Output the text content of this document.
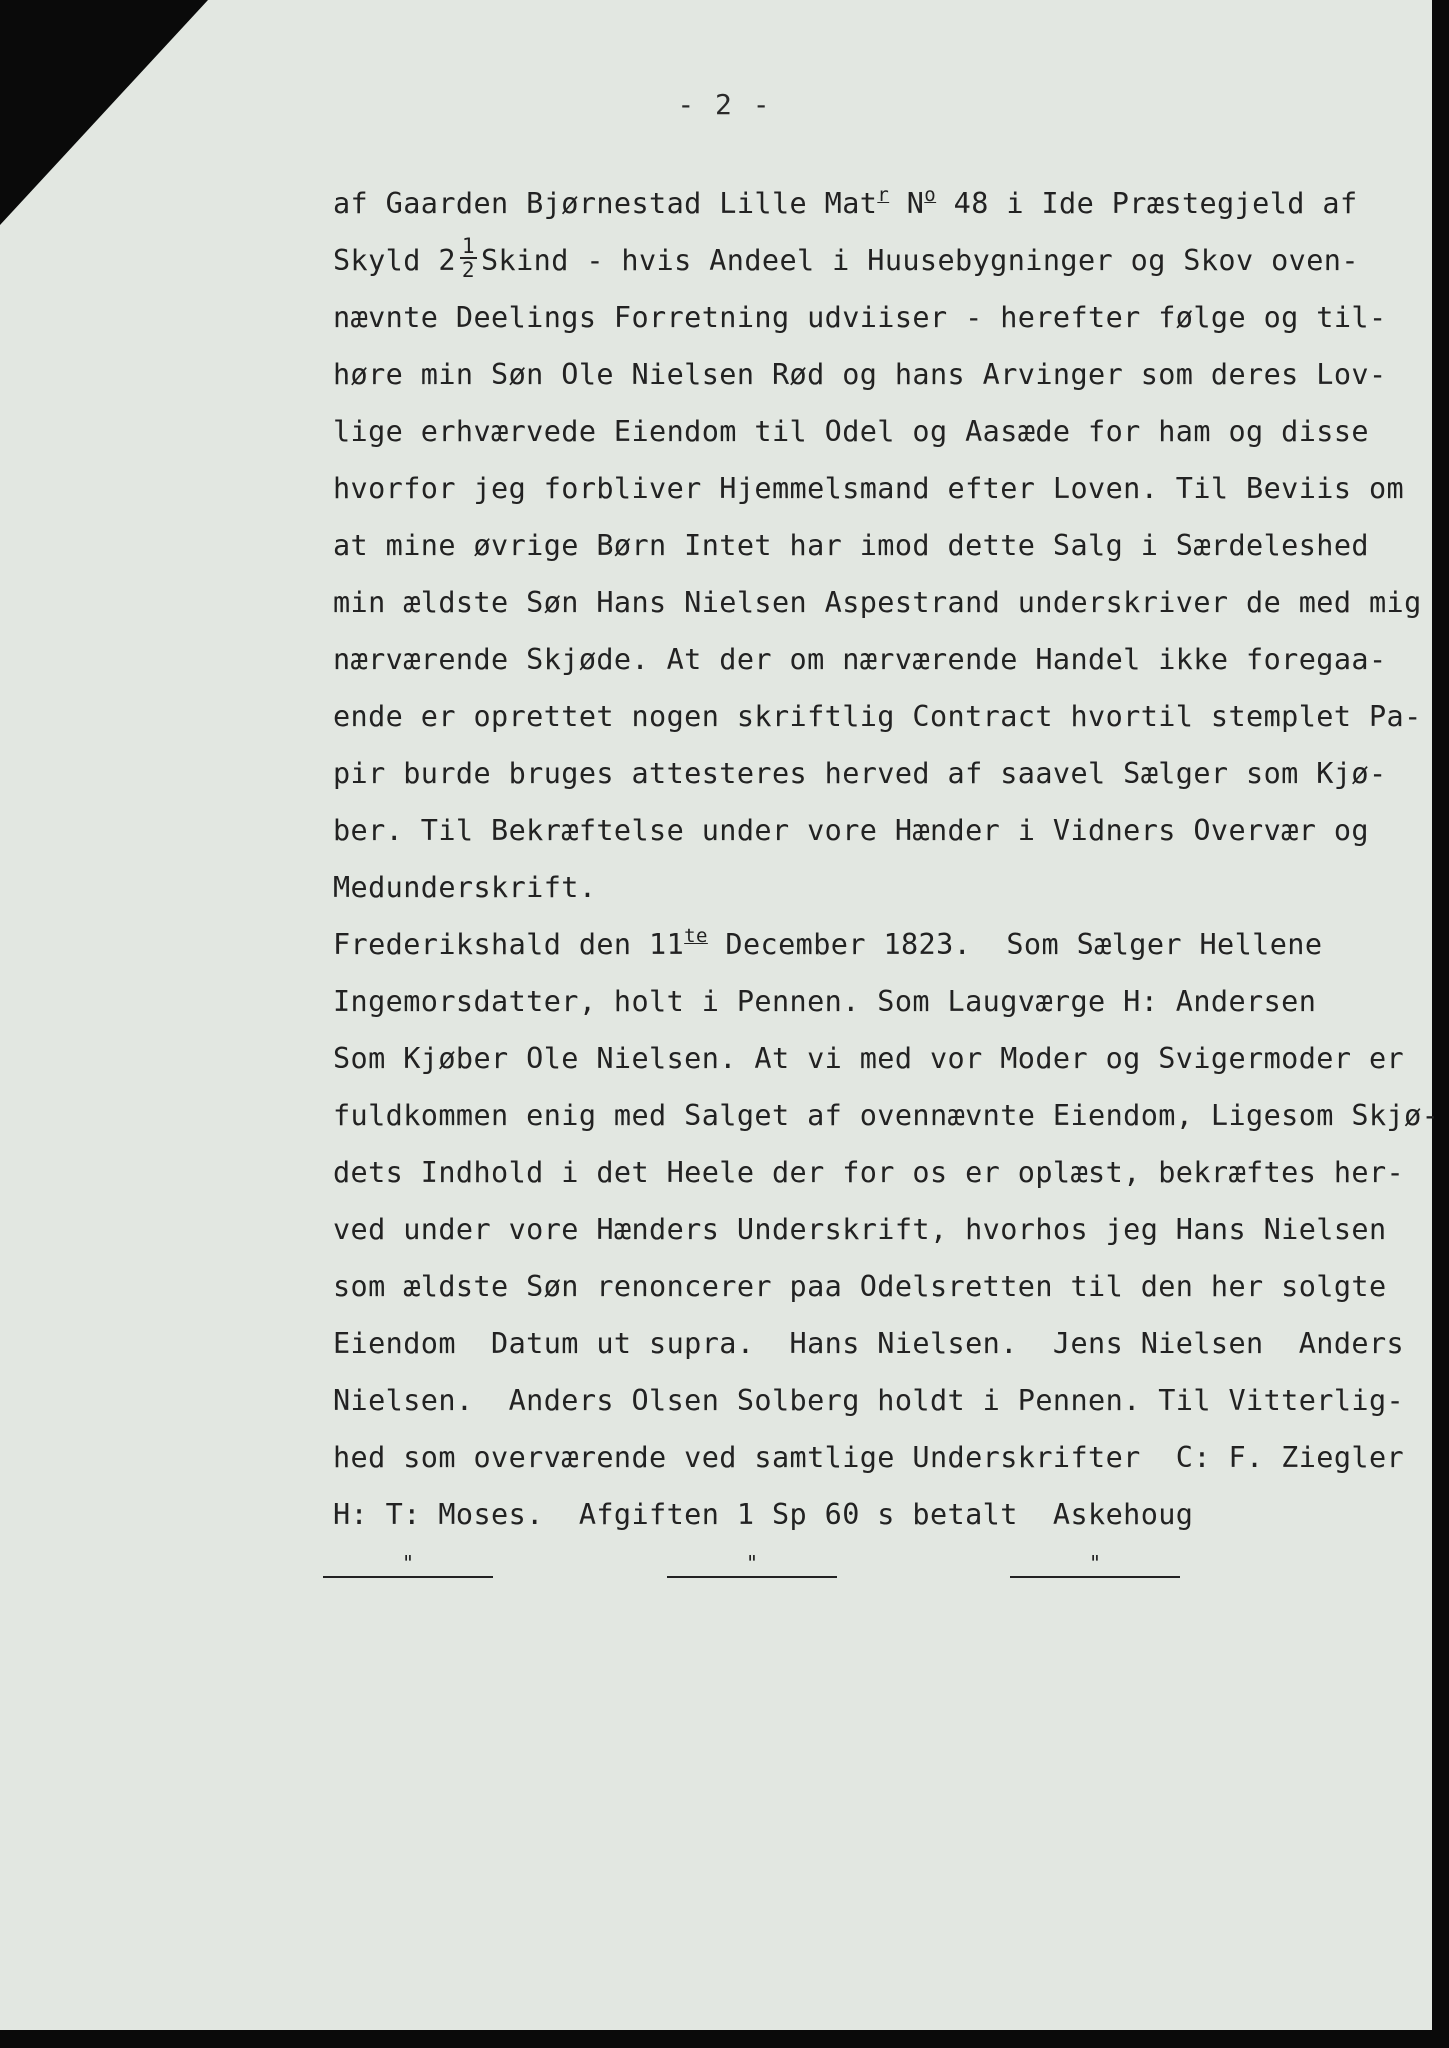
- 2 -
af Gaarden Bjørnestad Lille Mat$^r$ $N^o$ 48 i Ide Præstegjeld af
Skyld $2 \frac{1}{2}$ Skind - hvis Andeel i Huusebygninger og Skov oven-
nævnte Deelings Forretning udviiser - herefter følge og til-
høre min Søn Ole Nielsen Rød og hans Arvinger som deres Lov-
lige erhværvede Eiendom til Odel og Aasæde for ham og disse
hvorfor jeg forbliver Hjemmelsmand efter Loven. Til Beviis om
at mine øvrige Børn Intet har imod dette Salg i Særdeleshed
min ældste Søn Hans Nielsen Aspestrand underskriver de med mig
nærværende Skjøde. At der om nærværende Handel ikke foregaa-
ende er oprettet nogen skriftlig Contract hvortil stemplet Pa-
pir burde bruges attesteres herved af saavel Sælger som Kjø-
ber. Til Bekræftelse under vore Hænder i Vidners Overvær og
Medunderskrift.
Frederikshald den $11^{te}$ December 1823.  Som Sælger Hellene
Ingemorsdatter, holt i Pennen. Som Laugværge H: Andersen
Som Kjøber Ole Nielsen. At vi med vor Moder og Svigermoder er
fuldkommen enig med Salget af ovennævnte Eiendom, Ligesom Skjø-
dets Indhold i det Heele der for os er oplæst, bekræftes her-
ved under vore Hænders Underskrift, hvorhos jeg Hans Nielsen
som ældste Søn renoncerer paa Odelsretten til den her solgte
Eiendom  Datum ut supra.  Hans Nielsen.  Jens Nielsen  Anders
Nielsen.  Anders Olsen Solberg holdt i Pennen. Til Vitterlig-
hed som overværende ved samtlige Underskrifter  C: F. Ziegler
H: T: Moses.  Afgiften 1 Sp 60 s betalt  Askehoug
"	"	"
